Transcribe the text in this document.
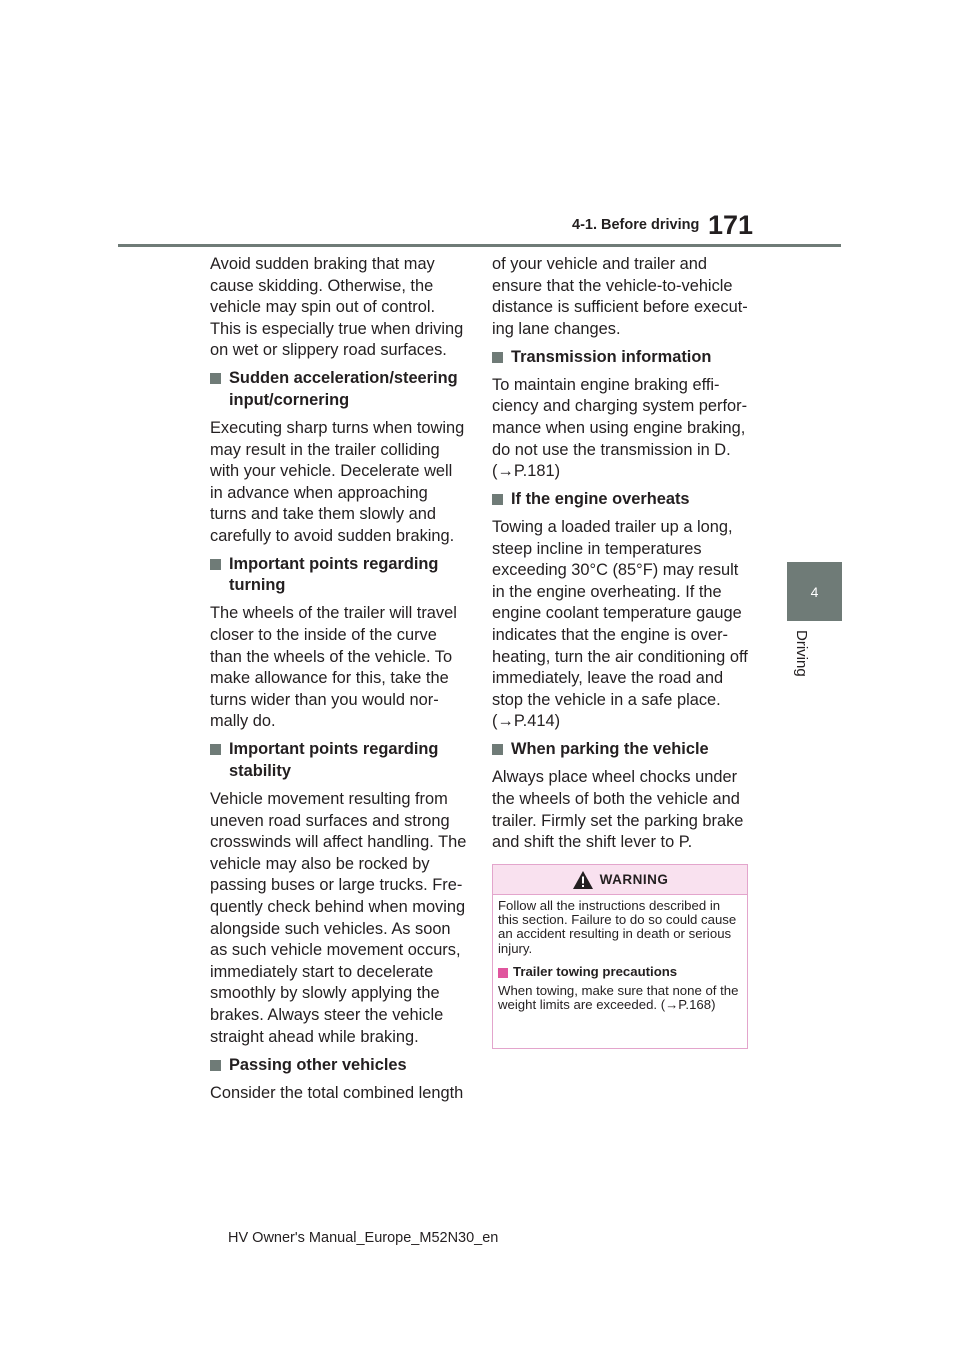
4-1. Before driving 171
4
Driving

Avoid sudden braking that may cause skidding. Otherwise, the vehicle may spin out of control. This is especially true when driving on wet or slippery road surfaces.

Sudden acceleration/steering input/cornering

Executing sharp turns when towing may result in the trailer colliding with your vehicle. Decelerate well in advance when approaching turns and take them slowly and carefully to avoid sudden braking.

Important points regarding turning

The wheels of the trailer will travel closer to the inside of the curve than the wheels of the vehicle. To make allowance for this, take the turns wider than you would nor-mally do.

Important points regarding stability

Vehicle movement resulting from uneven road surfaces and strong crosswinds will affect handling. The vehicle may also be rocked by passing buses or large trucks. Fre-quently check behind when moving alongside such vehicles. As soon as such vehicle movement occurs, immediately start to decelerate smoothly by slowly applying the brakes. Always steer the vehicle straight ahead while braking.

Passing other vehicles

Consider the total combined length

of your vehicle and trailer and ensure that the vehicle-to-vehicle distance is sufficient before execut-ing lane changes.

Transmission information

To maintain engine braking effi-ciency and charging system perfor-mance when using engine braking, do not use the transmission in D. (→P.181)

If the engine overheats

Towing a loaded trailer up a long, steep incline in temperatures exceeding 30°C (85°F) may result in the engine overheating. If the engine coolant temperature gauge indicates that the engine is over-heating, turn the air conditioning off immediately, leave the road and stop the vehicle in a safe place. (→P.414)

When parking the vehicle

Always place wheel chocks under the wheels of both the vehicle and trailer. Firmly set the parking brake and shift the shift lever to P.

WARNING

Follow all the instructions described in this section. Failure to do so could cause an accident resulting in death or serious injury.

Trailer towing precautions

When towing, make sure that none of the weight limits are exceeded. (→P.168)

HV Owner's Manual_Europe_M52N30_en
